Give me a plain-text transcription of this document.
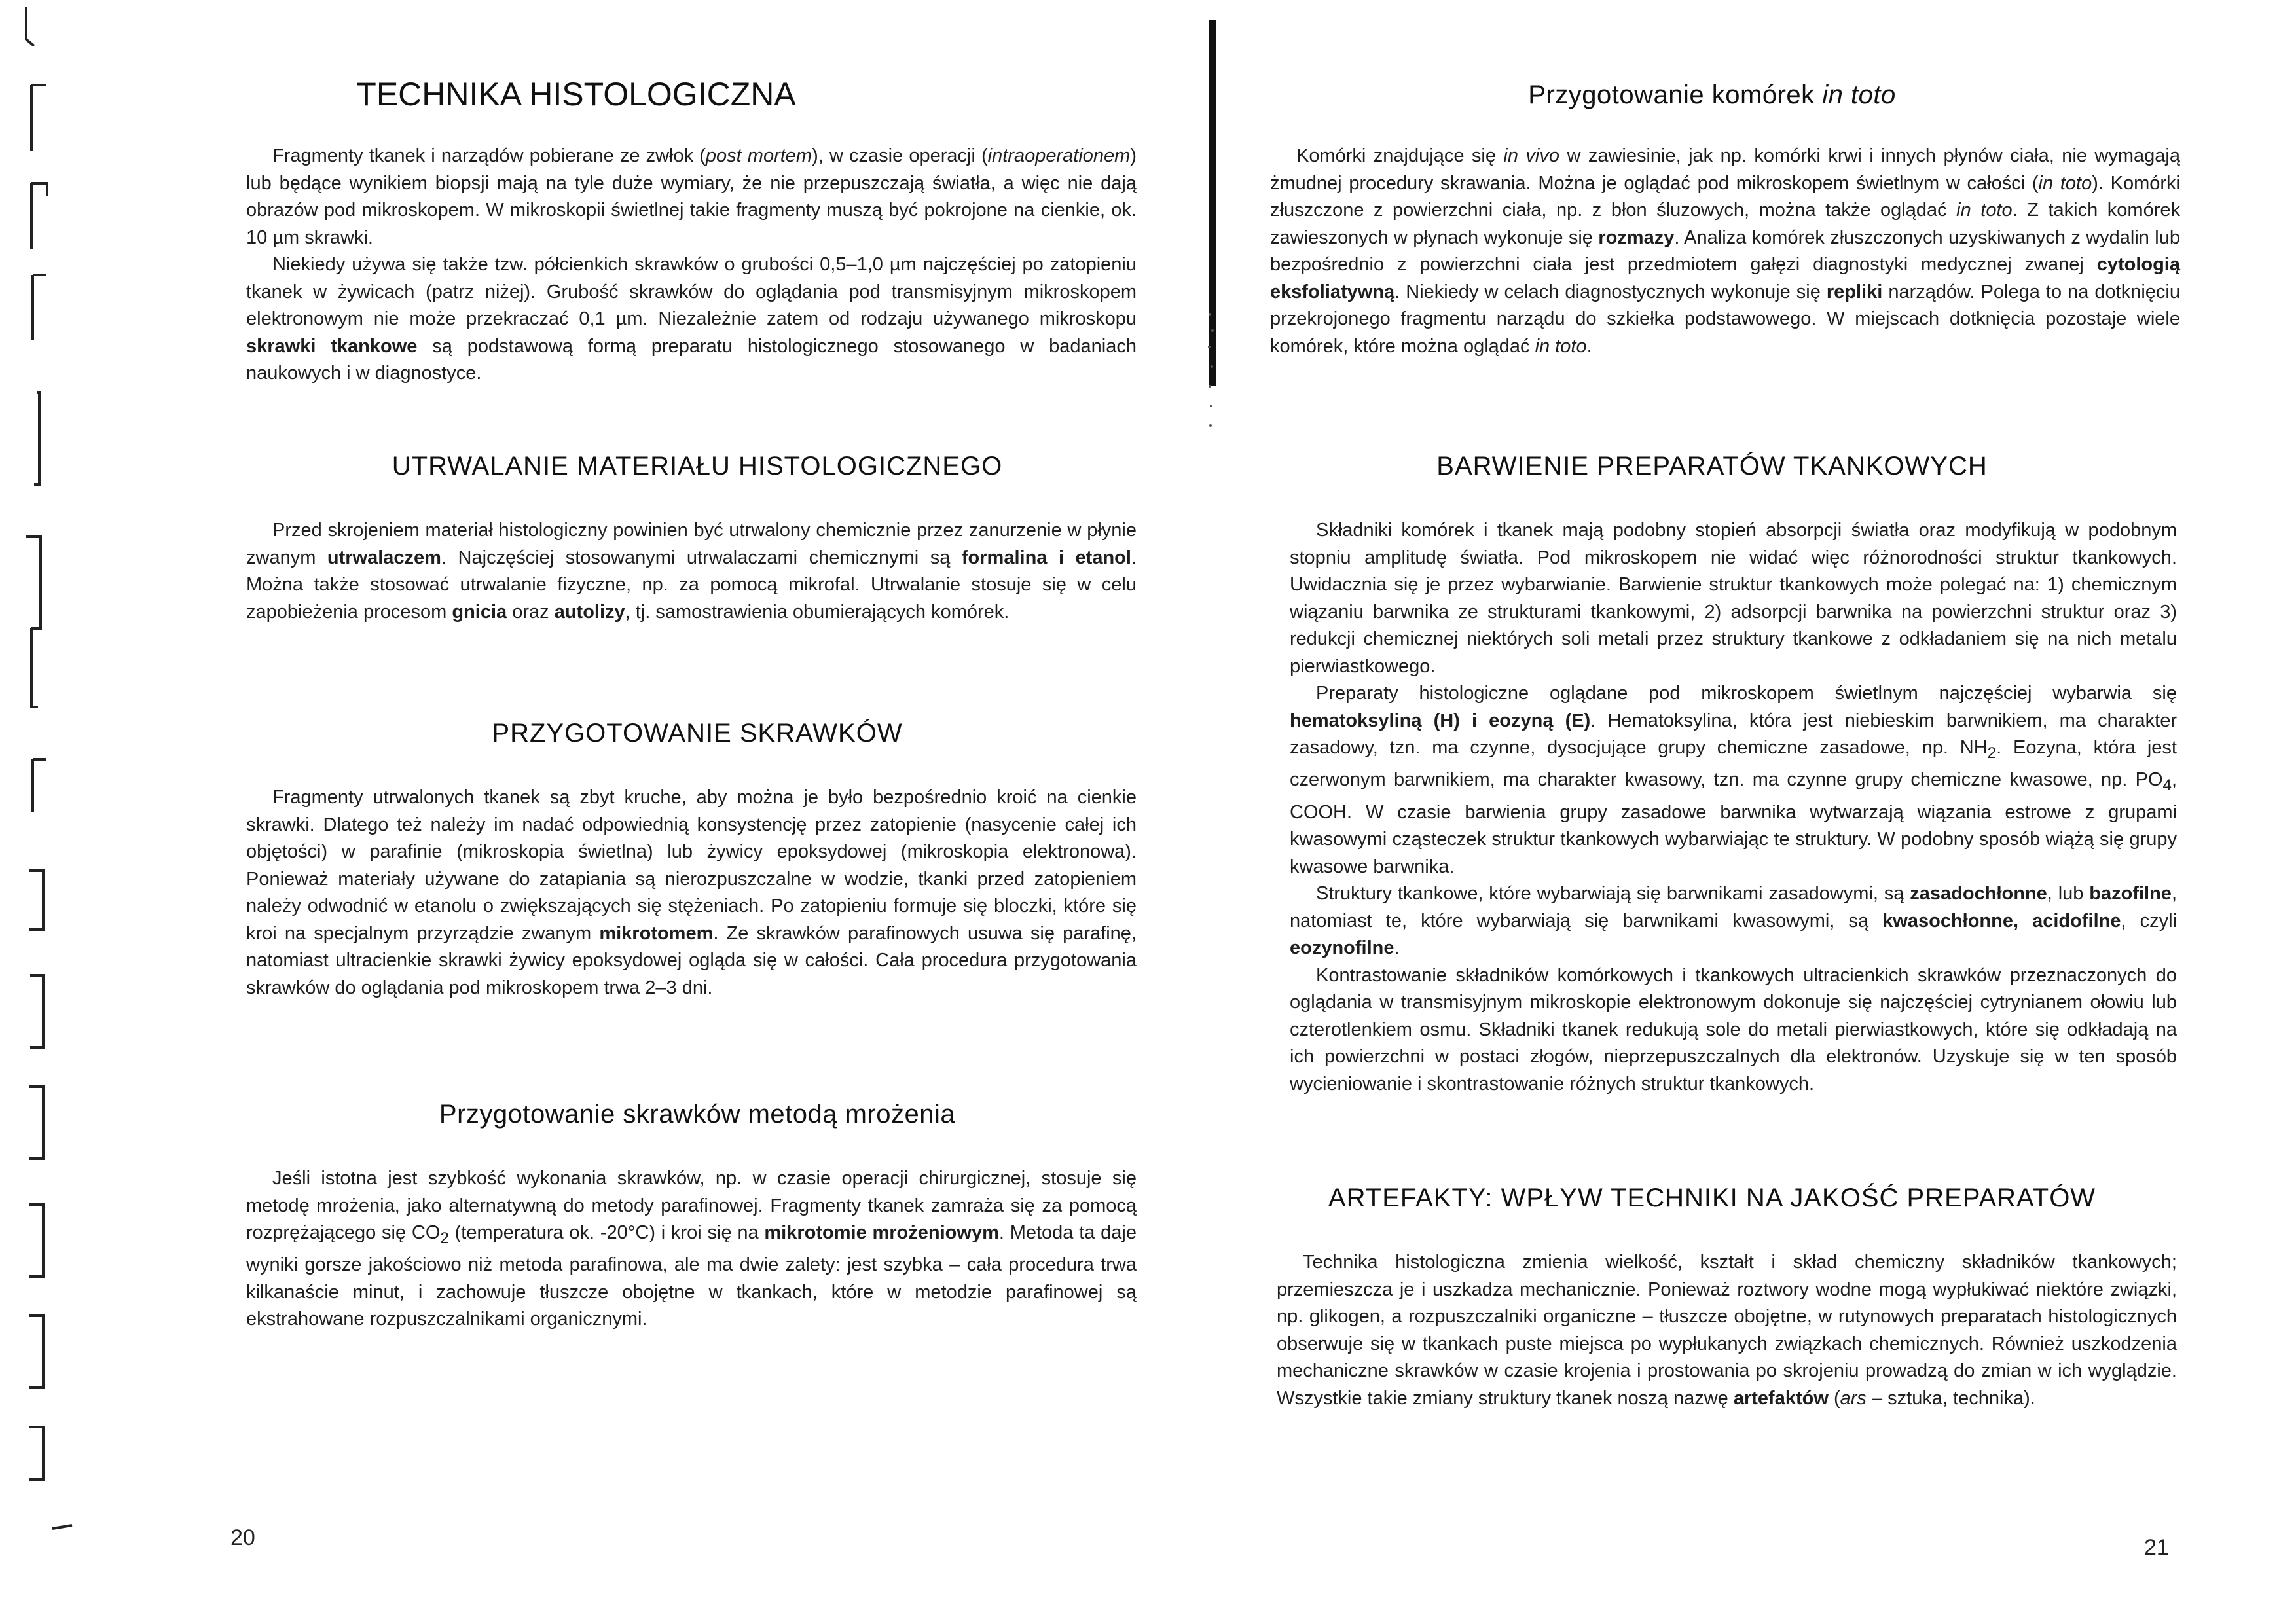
TECHNIKA HISTOLOGICZNA

Fragmenty tkanek i narządów pobierane ze zwłok (post mortem), w czasie operacji (intraoperationem) lub będące wynikiem biopsji mają na tyle duże wymiary, że nie przepuszczają światła, a więc nie dają obrazów pod mikroskopem. W mikroskopii świetlnej takie fragmenty muszą być pokrojone na cienkie, ok. 10 µm skrawki.

Niekiedy używa się także tzw. półcienkich skrawków o grubości 0,5–1,0 µm najczęściej po zatopieniu tkanek w żywicach (patrz niżej). Grubość skrawków do oglądania pod transmisyjnym mikroskopem elektronowym nie może przekraczać 0,1 µm. Niezależnie zatem od rodzaju używanego mikroskopu skrawki tkankowe są podstawową formą preparatu histologicznego stosowanego w badaniach naukowych i w diagnostyce.

UTRWALANIE MATERIAŁU HISTOLOGICZNEGO

Przed skrojeniem materiał histologiczny powinien być utrwalony chemicznie przez zanurzenie w płynie zwanym utrwalaczem. Najczęściej stosowanymi utrwalaczami chemicznymi są formalina i etanol. Można także stosować utrwalanie fizyczne, np. za pomocą mikrofal. Utrwalanie stosuje się w celu zapobieżenia procesom gnicia oraz autolizy, tj. samostrawienia obumierających komórek.

PRZYGOTOWANIE SKRAWKÓW

Fragmenty utrwalonych tkanek są zbyt kruche, aby można je było bezpośrednio kroić na cienkie skrawki. Dlatego też należy im nadać odpowiednią konsystencję przez zatopienie (nasycenie całej ich objętości) w parafinie (mikroskopia świetlna) lub żywicy epoksydowej (mikroskopia elektronowa). Ponieważ materiały używane do zatapiania są nierozpuszczalne w wodzie, tkanki przed zatopieniem należy odwodnić w etanolu o zwiększających się stężeniach. Po zatopieniu formuje się bloczki, które się kroi na specjalnym przyrządzie zwanym mikrotomem. Ze skrawków parafinowych usuwa się parafinę, natomiast ultracienkie skrawki żywicy epoksydowej ogląda się w całości. Cała procedura przygotowania skrawków do oglądania pod mikroskopem trwa 2–3 dni.

Przygotowanie skrawków metodą mrożenia

Jeśli istotna jest szybkość wykonania skrawków, np. w czasie operacji chirurgicznej, stosuje się metodę mrożenia, jako alternatywną do metody parafinowej. Fragmenty tkanek zamraża się za pomocą rozprężającego się $CO_2$ (temperatura ok. -20°C) i kroi się na mikrotomie mrożeniowym. Metoda ta daje wyniki gorsze jakościowo niż metoda parafinowa, ale ma dwie zalety: jest szybka – cała procedura trwa kilkanaście minut, i zachowuje tłuszcze obojętne w tkankach, które w metodzie parafinowej są ekstrahowane rozpuszczalnikami organicznymi.

20
Przygotowanie komórek in toto

Komórki znajdujące się in vivo w zawiesinie, jak np. komórki krwi i innych płynów ciała, nie wymagają żmudnej procedury skrawania. Można je oglądać pod mikroskopem świetlnym w całości (in toto). Komórki złuszczone z powierzchni ciała, np. z błon śluzowych, można także oglądać in toto. Z takich komórek zawieszonych w płynach wykonuje się rozmazy. Analiza komórek złuszczonych uzyskiwanych z wydalin lub bezpośrednio z powierzchni ciała jest przedmiotem gałęzi diagnostyki medycznej zwanej cytologią eksfoliatywną. Niekiedy w celach diagnostycznych wykonuje się repliki narządów. Polega to na dotknięciu przekrojonego fragmentu narządu do szkiełka podstawowego. W miejscach dotknięcia pozostaje wiele komórek, które można oglądać in toto.

BARWIENIE PREPARATÓW TKANKOWYCH

Składniki komórek i tkanek mają podobny stopień absorpcji światła oraz modyfikują w podobnym stopniu amplitudę światła. Pod mikroskopem nie widać więc różnorodności struktur tkankowych. Uwidacznia się je przez wybarwianie. Barwienie struktur tkankowych może polegać na: 1) chemicznym wiązaniu barwnika ze strukturami tkankowymi, 2) adsorpcji barwnika na powierzchni struktur oraz 3) redukcji chemicznej niektórych soli metali przez struktury tkankowe z odkładaniem się na nich metalu pierwiastkowego.

Preparaty histologiczne oglądane pod mikroskopem świetlnym najczęściej wybarwia się hematoksyliną (H) i eozyną (E). Hematoksylina, która jest niebieskim barwnikiem, ma charakter zasadowy, tzn. ma czynne, dysocjujące grupy chemiczne zasadowe, np. $NH_2$. Eozyna, która jest czerwonym barwnikiem, ma charakter kwasowy, tzn. ma czynne grupy chemiczne kwasowe, np. $PO_4$, COOH. W czasie barwienia grupy zasadowe barwnika wytwarzają wiązania estrowe z grupami kwasowymi cząsteczek struktur tkankowych wybarwiając te struktury. W podobny sposób wiążą się grupy kwasowe barwnika.

Struktury tkankowe, które wybarwiają się barwnikami zasadowymi, są zasadochłonne, lub bazofilne, natomiast te, które wybarwiają się barwnikami kwasowymi, są kwasochłonne, acidofilne, czyli eozynofilne.

Kontrastowanie składników komórkowych i tkankowych ultracienkich skrawków przeznaczonych do oglądania w transmisyjnym mikroskopie elektronowym dokonuje się najczęściej cytrynianem ołowiu lub czterotlenkiem osmu. Składniki tkanek redukują sole do metali pierwiastkowych, które się odkładają na ich powierzchni w postaci złogów, nieprzepuszczalnych dla elektronów. Uzyskuje się w ten sposób wycieniowanie i skontrastowanie różnych struktur tkankowych.

ARTEFAKTY: WPŁYW TECHNIKI NA JAKOŚĆ PREPARATÓW

Technika histologiczna zmienia wielkość, kształt i skład chemiczny składników tkankowych; przemieszcza je i uszkadza mechanicznie. Ponieważ roztwory wodne mogą wypłukiwać niektóre związki, np. glikogen, a rozpuszczalniki organiczne – tłuszcze obojętne, w rutynowych preparatach histologicznych obserwuje się w tkankach puste miejsca po wypłukanych związkach chemicznych. Również uszkodzenia mechaniczne skrawków w czasie krojenia i prostowania po skrojeniu prowadzą do zmian w ich wyglądzie. Wszystkie takie zmiany struktury tkanek noszą nazwę artefaktów (ars – sztuka, technika).

21
